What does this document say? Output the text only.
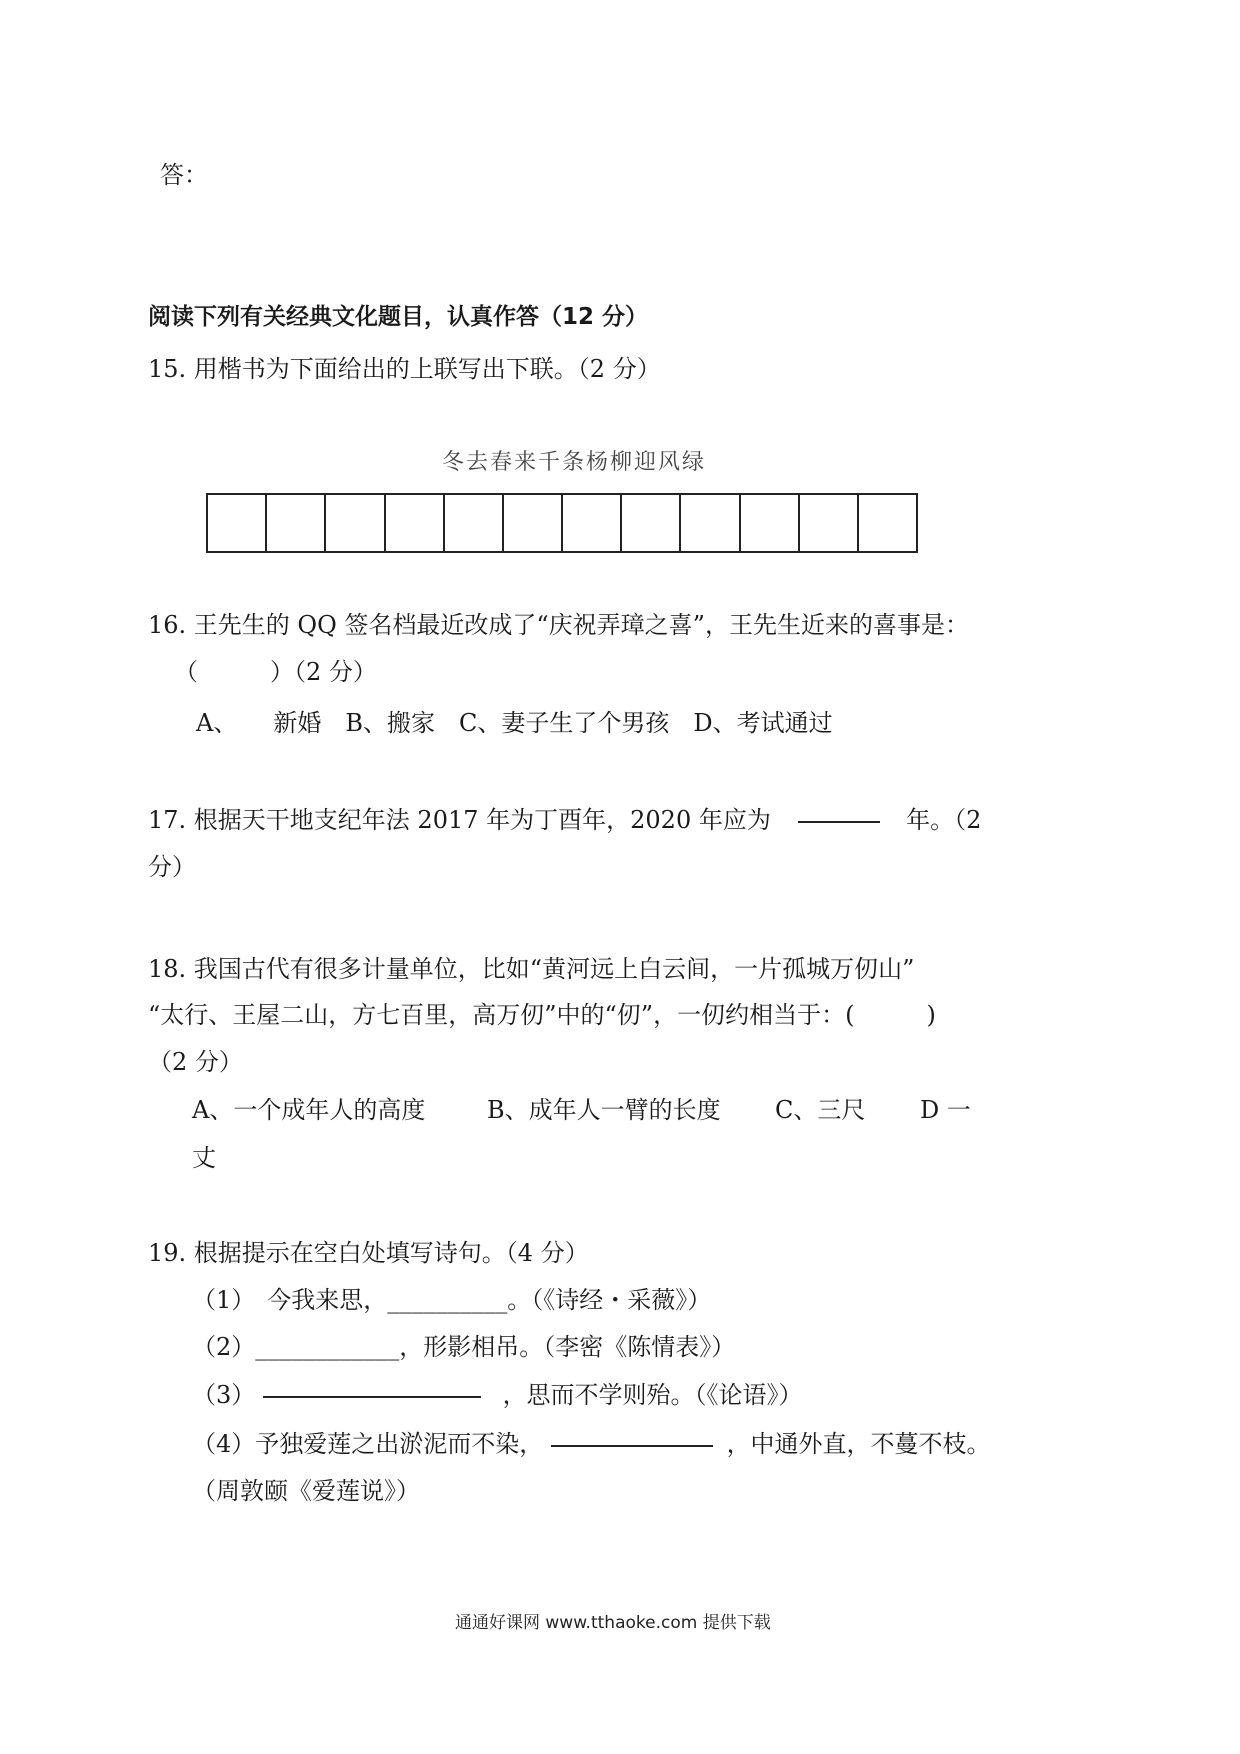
答：
阅读下列有关经典文化题目，认真作答（12 分）
15. 用楷书为下面给出的上联写出下联。（2 分）
冬去春来千条杨柳迎风绿
16. 王先生的 QQ 签名档最近改成了“庆祝弄璋之喜”，王先生近来的喜事是：
（　　　）（2 分）
A、　　新婚　B、搬家　C、妻子生了个男孩　D、考试通过
17. 根据天干地支纪年法 2017 年为丁酉年，2020 年应为	年。（2
分）
18. 我国古代有很多计量单位，比如“黄河远上白云间，一片孤城万仞山”
“太行、王屋二山，方七百里，高万仞”中的“仞”，一仞约相当于：(　　　)
（2 分）
A、一个成年人的高度	B、成年人一臂的长度 C、三尺 D 一
丈
19. 根据提示在空白处填写诗句。（4 分）
（1）　今我来思，__________。（《诗经・采薇》）
（2）____________，形影相吊。（李密《陈情表》）
（3）	，思而不学则殆。（《论语》）
（4）予独爱莲之出淤泥而不染，	，中通外直，不蔓不枝。
（周敦颐《爱莲说》）
通通好课网 www.tthaoke.com 提供下载
